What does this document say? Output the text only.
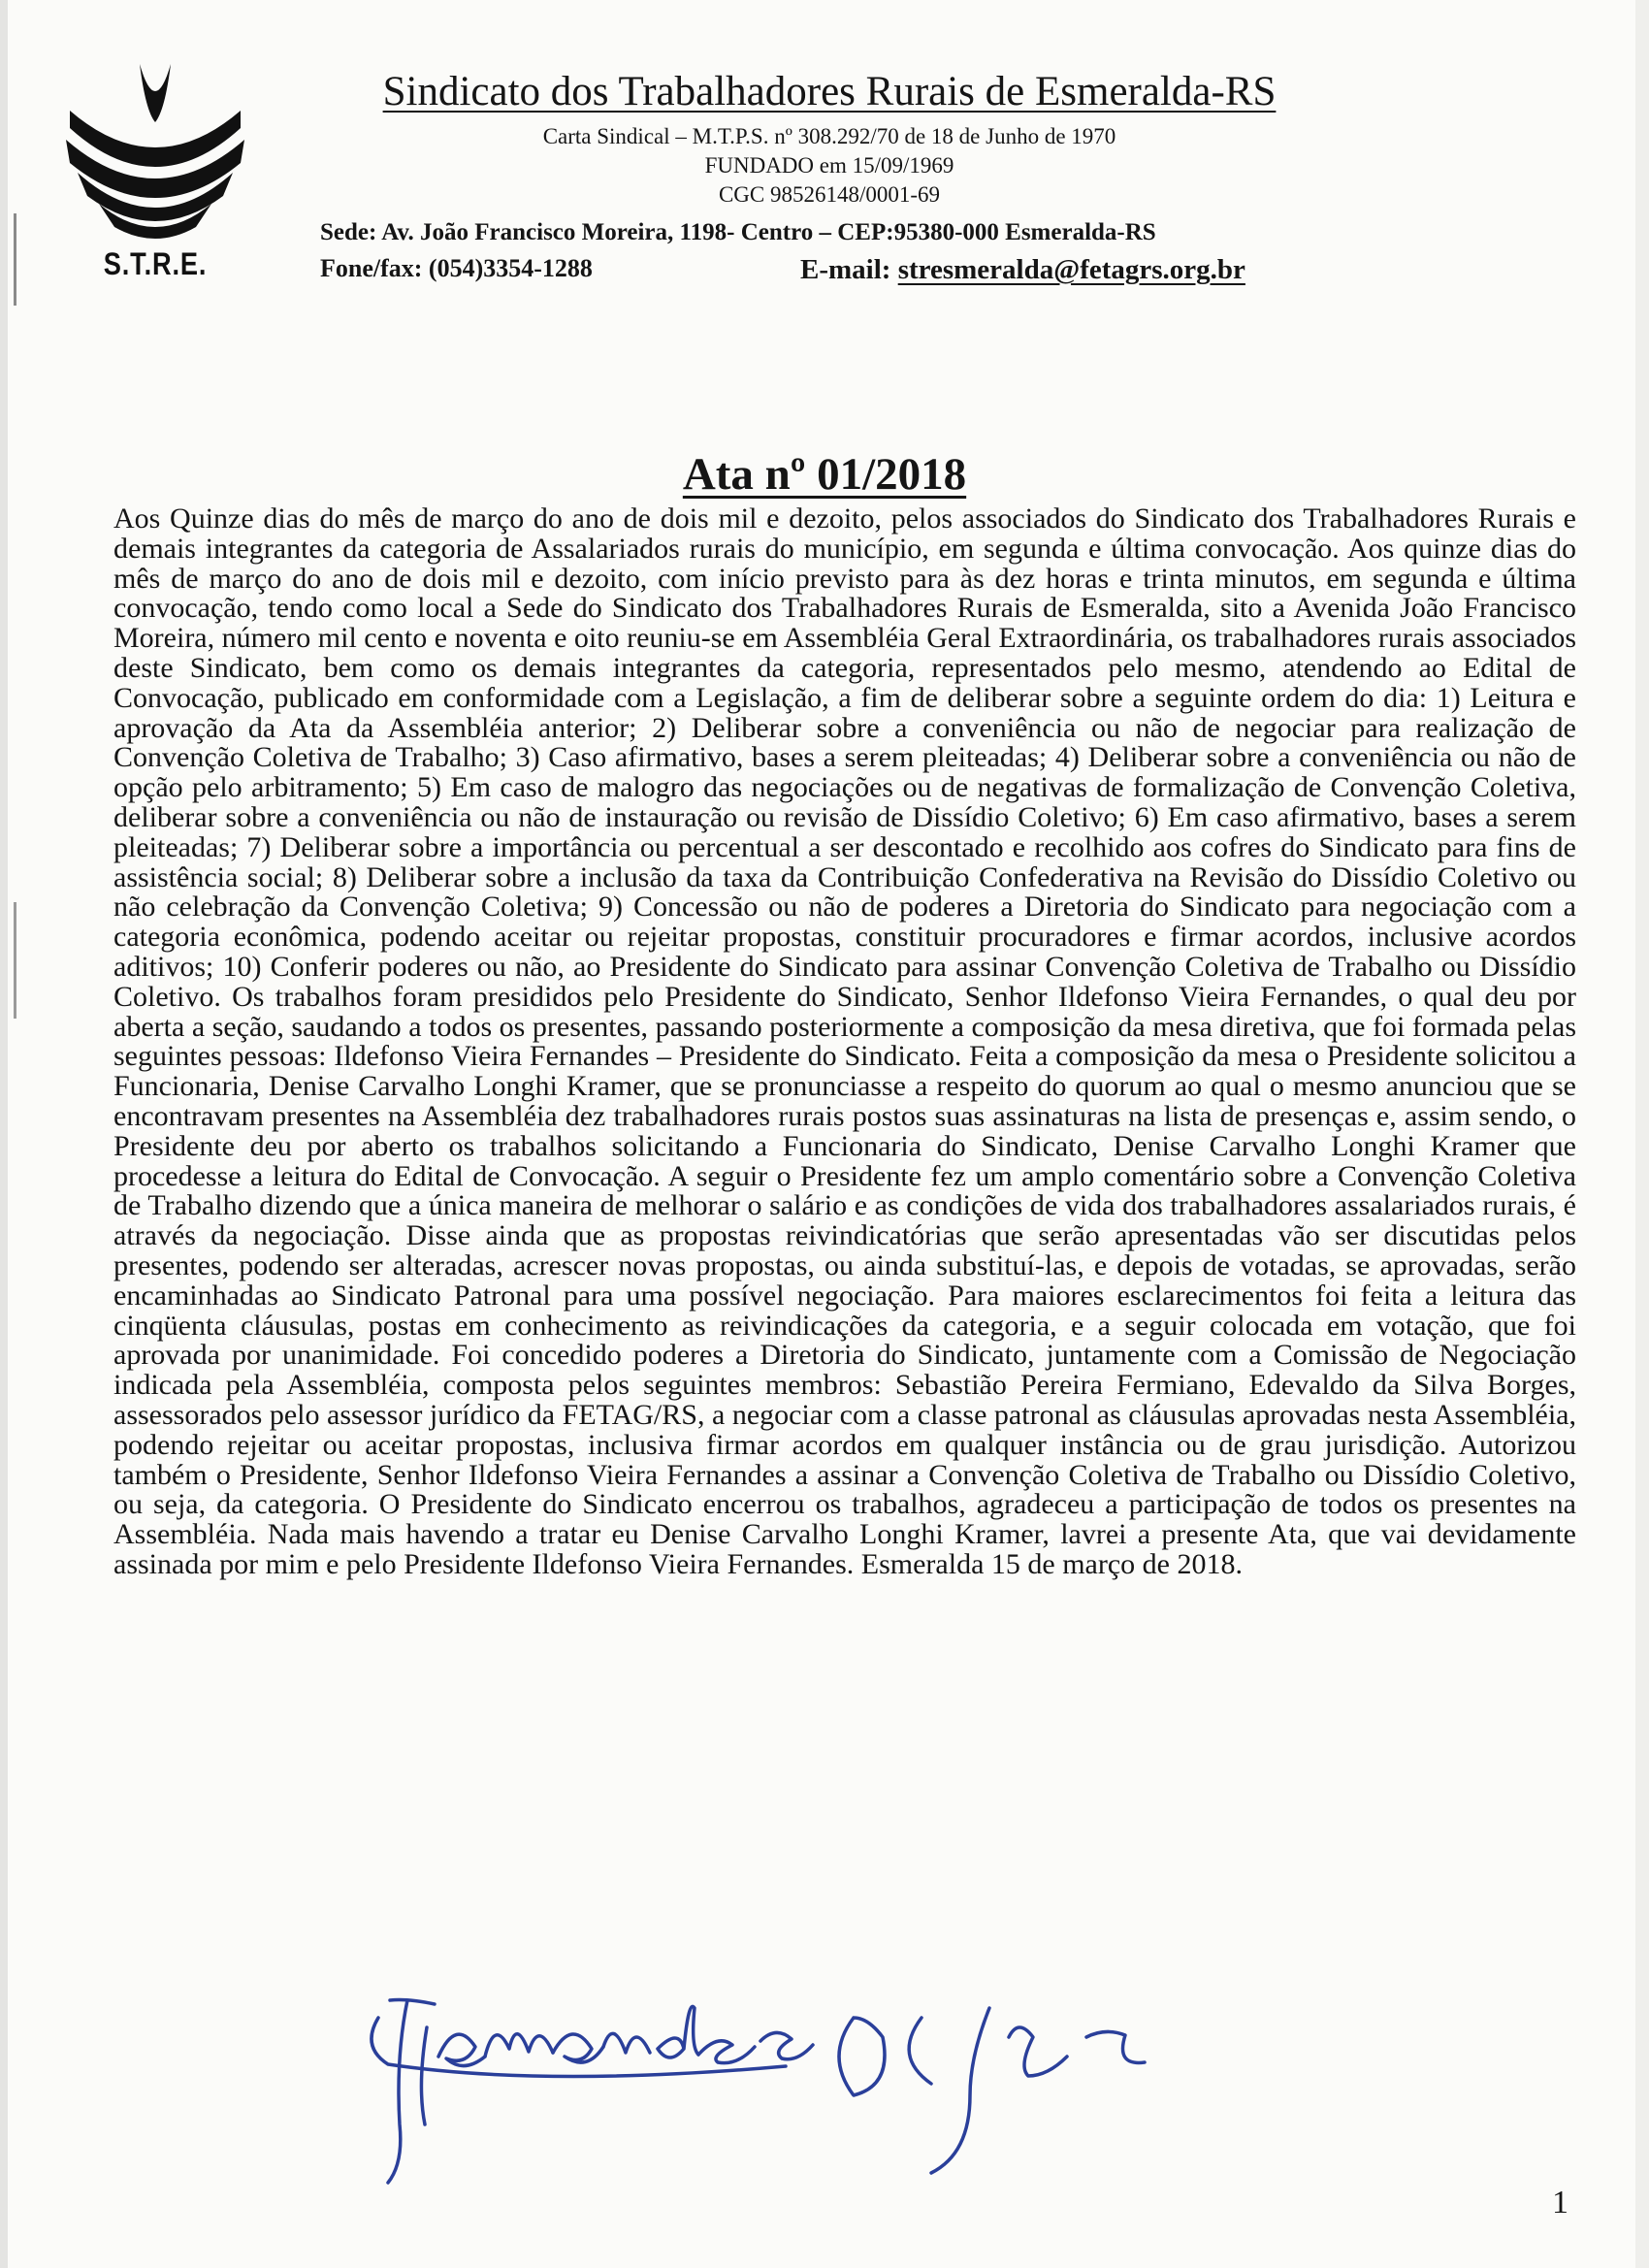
S.T.R.E.
Sindicato dos Trabalhadores Rurais de Esmeralda-RS
Carta Sindical – M.T.P.S. nº 308.292/70 de 18 de Junho de 1970
FUNDADO em 15/09/1969
CGC 98526148/0001-69
Sede: Av. João Francisco Moreira, 1198- Centro – CEP:95380-000 Esmeralda-RS
Fone/fax: (054)3354-1288	E-mail: stresmeralda@fetagrs.org.br
Ata nº 01/2018

Aos Quinze dias do mês de março do ano de dois mil e dezoito, pelos associados do Sindicato dos Trabalhadores Rurais e demais integrantes da categoria de Assalariados rurais do município, em segunda e última convocação. Aos quinze dias do mês de março do ano de dois mil e dezoito, com início previsto para às dez horas e trinta minutos, em segunda e última convocação, tendo como local a Sede do Sindicato dos Trabalhadores Rurais de Esmeralda, sito a Avenida João Francisco Moreira, número mil cento e noventa e oito reuniu-se em Assembléia Geral Extraordinária, os trabalhadores rurais associados deste Sindicato, bem como os demais integrantes da categoria, representados pelo mesmo, atendendo ao Edital de Convocação, publicado em conformidade com a Legislação, a fim de deliberar sobre a seguinte ordem do dia: 1) Leitura e aprovação da Ata da Assembléia anterior; 2) Deliberar sobre a conveniência ou não de negociar para realização de Convenção Coletiva de Trabalho; 3) Caso afirmativo, bases a serem pleiteadas; 4) Deliberar sobre a conveniência ou não de opção pelo arbitramento; 5) Em caso de malogro das negociações ou de negativas de formalização de Convenção Coletiva, deliberar sobre a conveniência ou não de instauração ou revisão de Dissídio Coletivo; 6) Em caso afirmativo, bases a serem pleiteadas; 7) Deliberar sobre a importância ou percentual a ser descontado e recolhido aos cofres do Sindicato para fins de assistência social; 8) Deliberar sobre a inclusão da taxa da Contribuição Confederativa na Revisão do Dissídio Coletivo ou não celebração da Convenção Coletiva; 9) Concessão ou não de poderes a Diretoria do Sindicato para negociação com a categoria econômica, podendo aceitar ou rejeitar propostas, constituir procuradores e firmar acordos, inclusive acordos aditivos; 10) Conferir poderes ou não, ao Presidente do Sindicato para assinar Convenção Coletiva de Trabalho ou Dissídio Coletivo. Os trabalhos foram presididos pelo Presidente do Sindicato, Senhor Ildefonso Vieira Fernandes, o qual deu por aberta a seção, saudando a todos os presentes, passando posteriormente a composição da mesa diretiva, que foi formada pelas seguintes pessoas: Ildefonso Vieira Fernandes – Presidente do Sindicato. Feita a composição da mesa o Presidente solicitou a Funcionaria, Denise Carvalho Longhi Kramer, que se pronunciasse a respeito do quorum ao qual o mesmo anunciou que se encontravam presentes na Assembléia dez trabalhadores rurais postos suas assinaturas na lista de presenças e, assim sendo, o Presidente deu por aberto os trabalhos solicitando a Funcionaria do Sindicato, Denise Carvalho Longhi Kramer que procedesse a leitura do Edital de Convocação. A seguir o Presidente fez um amplo comentário sobre a Convenção Coletiva de Trabalho dizendo que a única maneira de melhorar o salário e as condições de vida dos trabalhadores assalariados rurais, é através da negociação. Disse ainda que as propostas reivindicatórias que serão apresentadas vão ser discutidas pelos presentes, podendo ser alteradas, acrescer novas propostas, ou ainda substituí-las, e depois de votadas, se aprovadas, serão encaminhadas ao Sindicato Patronal para uma possível negociação. Para maiores esclarecimentos foi feita a leitura das cinqüenta cláusulas, postas em conhecimento as reivindicações da categoria, e a seguir colocada em votação, que foi aprovada por unanimidade. Foi concedido poderes a Diretoria do Sindicato, juntamente com a Comissão de Negociação indicada pela Assembléia, composta pelos seguintes membros: Sebastião Pereira Fermiano, Edevaldo da Silva Borges, assessorados pelo assessor jurídico da FETAG/RS, a negociar com a classe patronal as cláusulas aprovadas nesta Assembléia, podendo rejeitar ou aceitar propostas, inclusiva firmar acordos em qualquer instância ou de grau jurisdição. Autorizou também o Presidente, Senhor Ildefonso Vieira Fernandes a assinar a Convenção Coletiva de Trabalho ou Dissídio Coletivo, ou seja, da categoria. O Presidente do Sindicato encerrou os trabalhos, agradeceu a participação de todos os presentes na Assembléia. Nada mais havendo a tratar eu Denise Carvalho Longhi Kramer, lavrei a presente Ata, que vai devidamente assinada por mim e pelo Presidente Ildefonso Vieira Fernandes. Esmeralda 15 de março de 2018.

1
